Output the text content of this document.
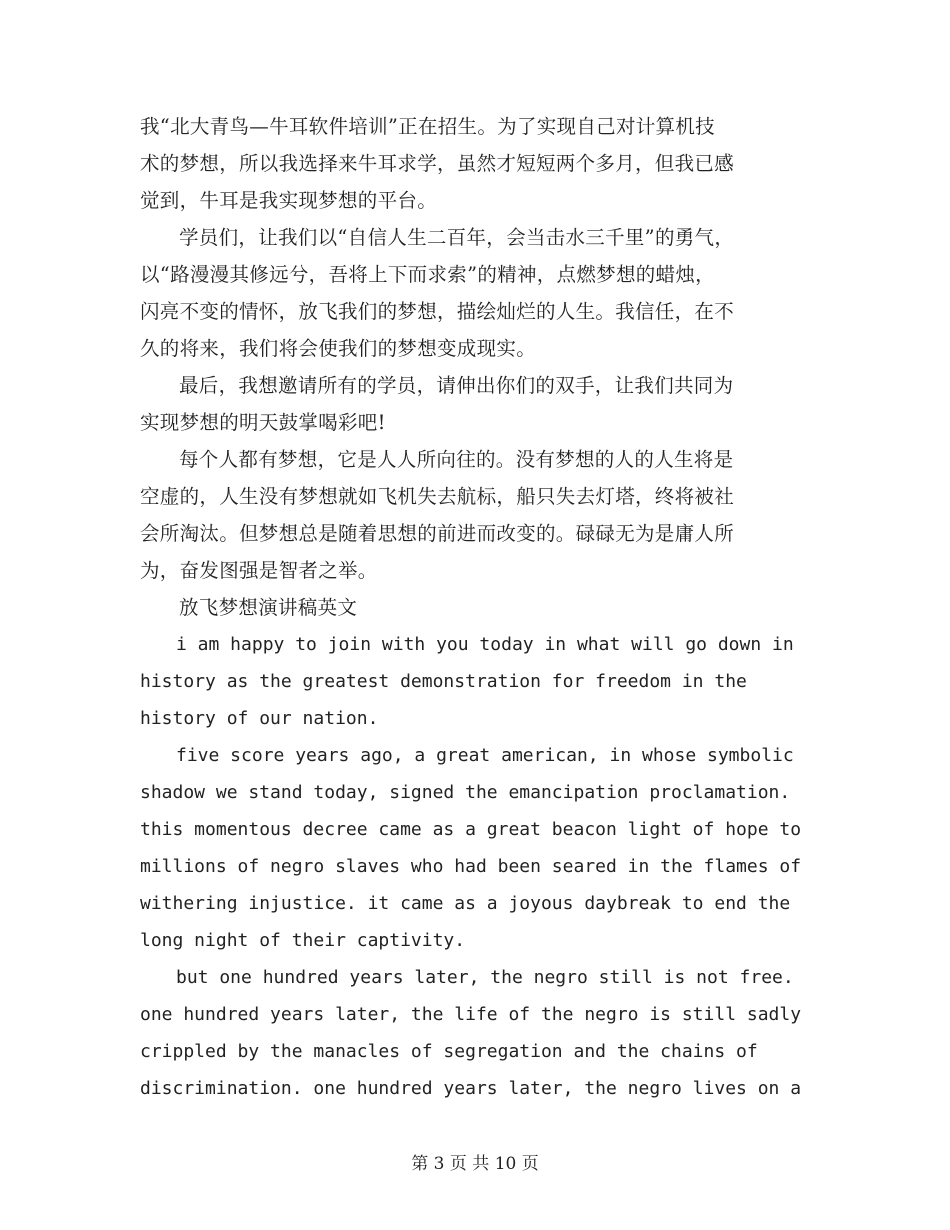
我“北大青鸟—牛耳软件培训”正在招生。为了实现自己对计算机技
术的梦想，所以我选择来牛耳求学，虽然才短短两个多月，但我已感
觉到，牛耳是我实现梦想的平台。
学员们，让我们以“自信人生二百年，会当击水三千里”的勇气，
以“路漫漫其修远兮，吾将上下而求索”的精神，点燃梦想的蜡烛，
闪亮不变的情怀，放飞我们的梦想，描绘灿烂的人生。我信任，在不
久的将来，我们将会使我们的梦想变成现实。
最后，我想邀请所有的学员，请伸出你们的双手，让我们共同为
实现梦想的明天鼓掌喝彩吧!
每个人都有梦想，它是人人所向往的。没有梦想的人的人生将是
空虚的，人生没有梦想就如飞机失去航标，船只失去灯塔，终将被社
会所淘汰。但梦想总是随着思想的前进而改变的。碌碌无为是庸人所
为，奋发图强是智者之举。
放飞梦想演讲稿英文
i am happy to join with you today in what will go down in
history as the greatest demonstration for freedom in the
history of our nation.
five score years ago, a great american, in whose symbolic
shadow we stand today, signed the emancipation proclamation.
this momentous decree came as a great beacon light of hope to
millions of negro slaves who had been seared in the flames of
withering injustice. it came as a joyous daybreak to end the
long night of their captivity.
but one hundred years later, the negro still is not free.
one hundred years later, the life of the negro is still sadly
crippled by the manacles of segregation and the chains of
discrimination. one hundred years later, the negro lives on a
第 3 页 共 10 页
